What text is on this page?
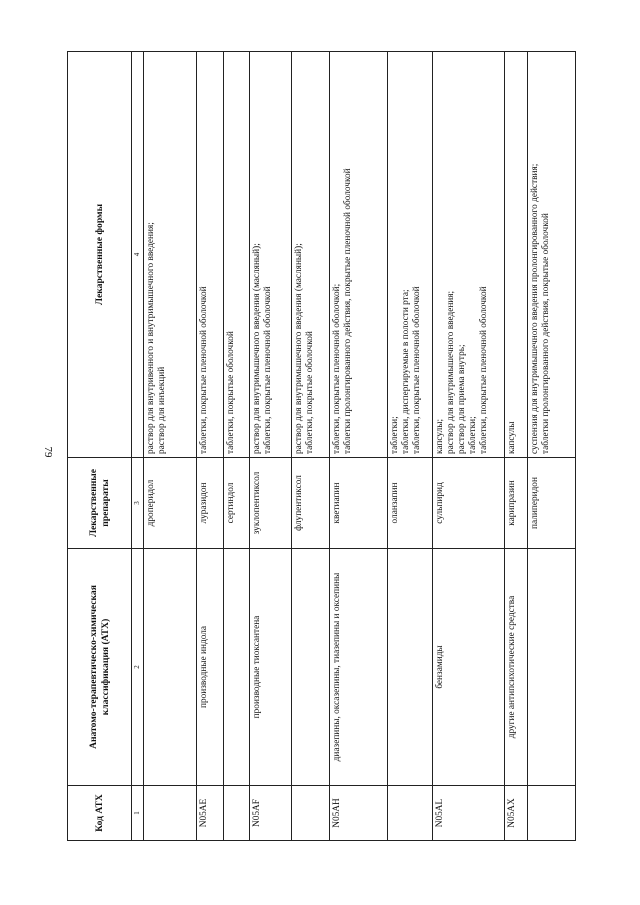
79
Код АТХ	Анатомо-терапевтическо-химическая классификация (АТХ)	Лекарственные препараты	Лекарственные формы
1	2	3	4
		дроперидол	раствор для внутривенного и внутримышечного введения; раствор для инъекций

N05AE	производные индола	луразидон	таблетки, покрытые пленочной оболочкой

		сертиндол	таблетки, покрытые оболочкой

N05AF	производные тиоксантена	зуклопентиксол	раствор для внутримышечного введения (масляный); таблетки, покрытые пленочной оболочкой

		флупентиксол	раствор для внутримышечного введения (масляный); таблетки, покрытые оболочкой

N05AH	диазепины, оксазепины, тиазепины и оксепины	кветиапин	таблетки, покрытые пленочной оболочкой; таблетки пролонгированного действия, покрытые пленочной оболочкой

		оланзапин	таблетки; таблетки, диспергируемые в полости рта; таблетки, покрытые пленочной оболочкой

N05AL	бензамиды	сульпирид	капсулы; раствор для внутримышечного введения; раствор для приема внутрь; таблетки; таблетки, покрытые пленочной оболочкой

N05AX	другие антипсихотические средства	карипразин	капсулы

		палиперидон	суспензия для внутримышечного введения пролонгированного действия; таблетки пролонгированного действия, покрытые оболочкой
